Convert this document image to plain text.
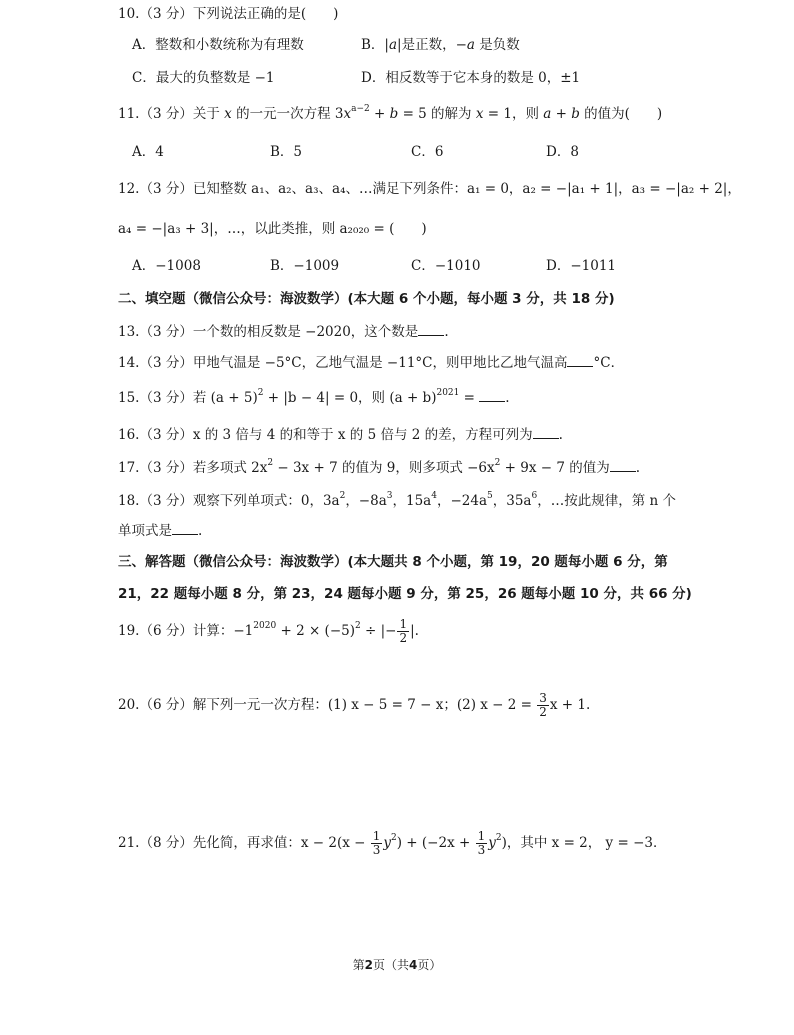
10.（3 分）下列说法正确的是(　　)
A．整数和小数统称为有理数	B．|a|是正数，−a 是负数
C．最大的负整数是 −1	D．相反数等于它本身的数是 0，±1
11.（3 分）关于 x 的一元一次方程 $3x^{a-2} + b = 5$ 的解为 x = 1，则 a + b 的值为(　　)
A．4	B．5	C．6	D．8
12.（3 分）已知整数 a₁、a₂、a₃、a₄、…满足下列条件：a₁ = 0，a₂ = −|a₁ + 1|，a₃ = −|a₂ + 2|，
a₄ = −|a₃ + 3|，…，以此类推，则 a₂₀₂₀ = (　　)
A．−1008	B．−1009	C．−1010	D．−1011
二、填空题（微信公众号：海波数学）(本大题 6 个小题，每小题 3 分，共 18 分)
13.（3 分）一个数的相反数是 −2020，这个数是 .
14.（3 分）甲地气温是 −5°C，乙地气温是 −11°C，则甲地比乙地气温高 °C．
15.（3 分）若 $(a + 5)^2 + |b - 4| = 0$，则 $(a + b)^{2021}$ = .
16.（3 分）x 的 3 倍与 4 的和等于 x 的 5 倍与 2 的差，方程可列为 .
17.（3 分）若多项式 $2x^2 - 3x + 7$ 的值为 9，则多项式 $-6x^2 + 9x - 7$ 的值为 .
18.（3 分）观察下列单项式：0，$3a^2$，$-8a^3$，$15a^4$，$-24a^5$，$35a^6$，…按此规律，第 n 个
单项式是 .
三、解答题（微信公众号：海波数学）(本大题共 8 个小题，第 19，20 题每小题 6 分，第
21，22 题每小题 8 分，第 23，24 题每小题 9 分，第 25，26 题每小题 10 分，共 66 分)
19.（6 分）计算：$-1^{2020} + 2 \times (-5)^2$ ÷ |− $\frac{1}{2}$ |.
20.（6 分）解下列一元一次方程：(1) x − 5 = 7 − x；(2) $x - 2 = \frac{3}{2}$ x + 1.
21.（8 分）先化简，再求值：$x - 2(x - \frac{1}{3} y^2) + (-2x + \frac{1}{3} y^2)$，其中 x = 2， y = −3．
第2页（共4页）
